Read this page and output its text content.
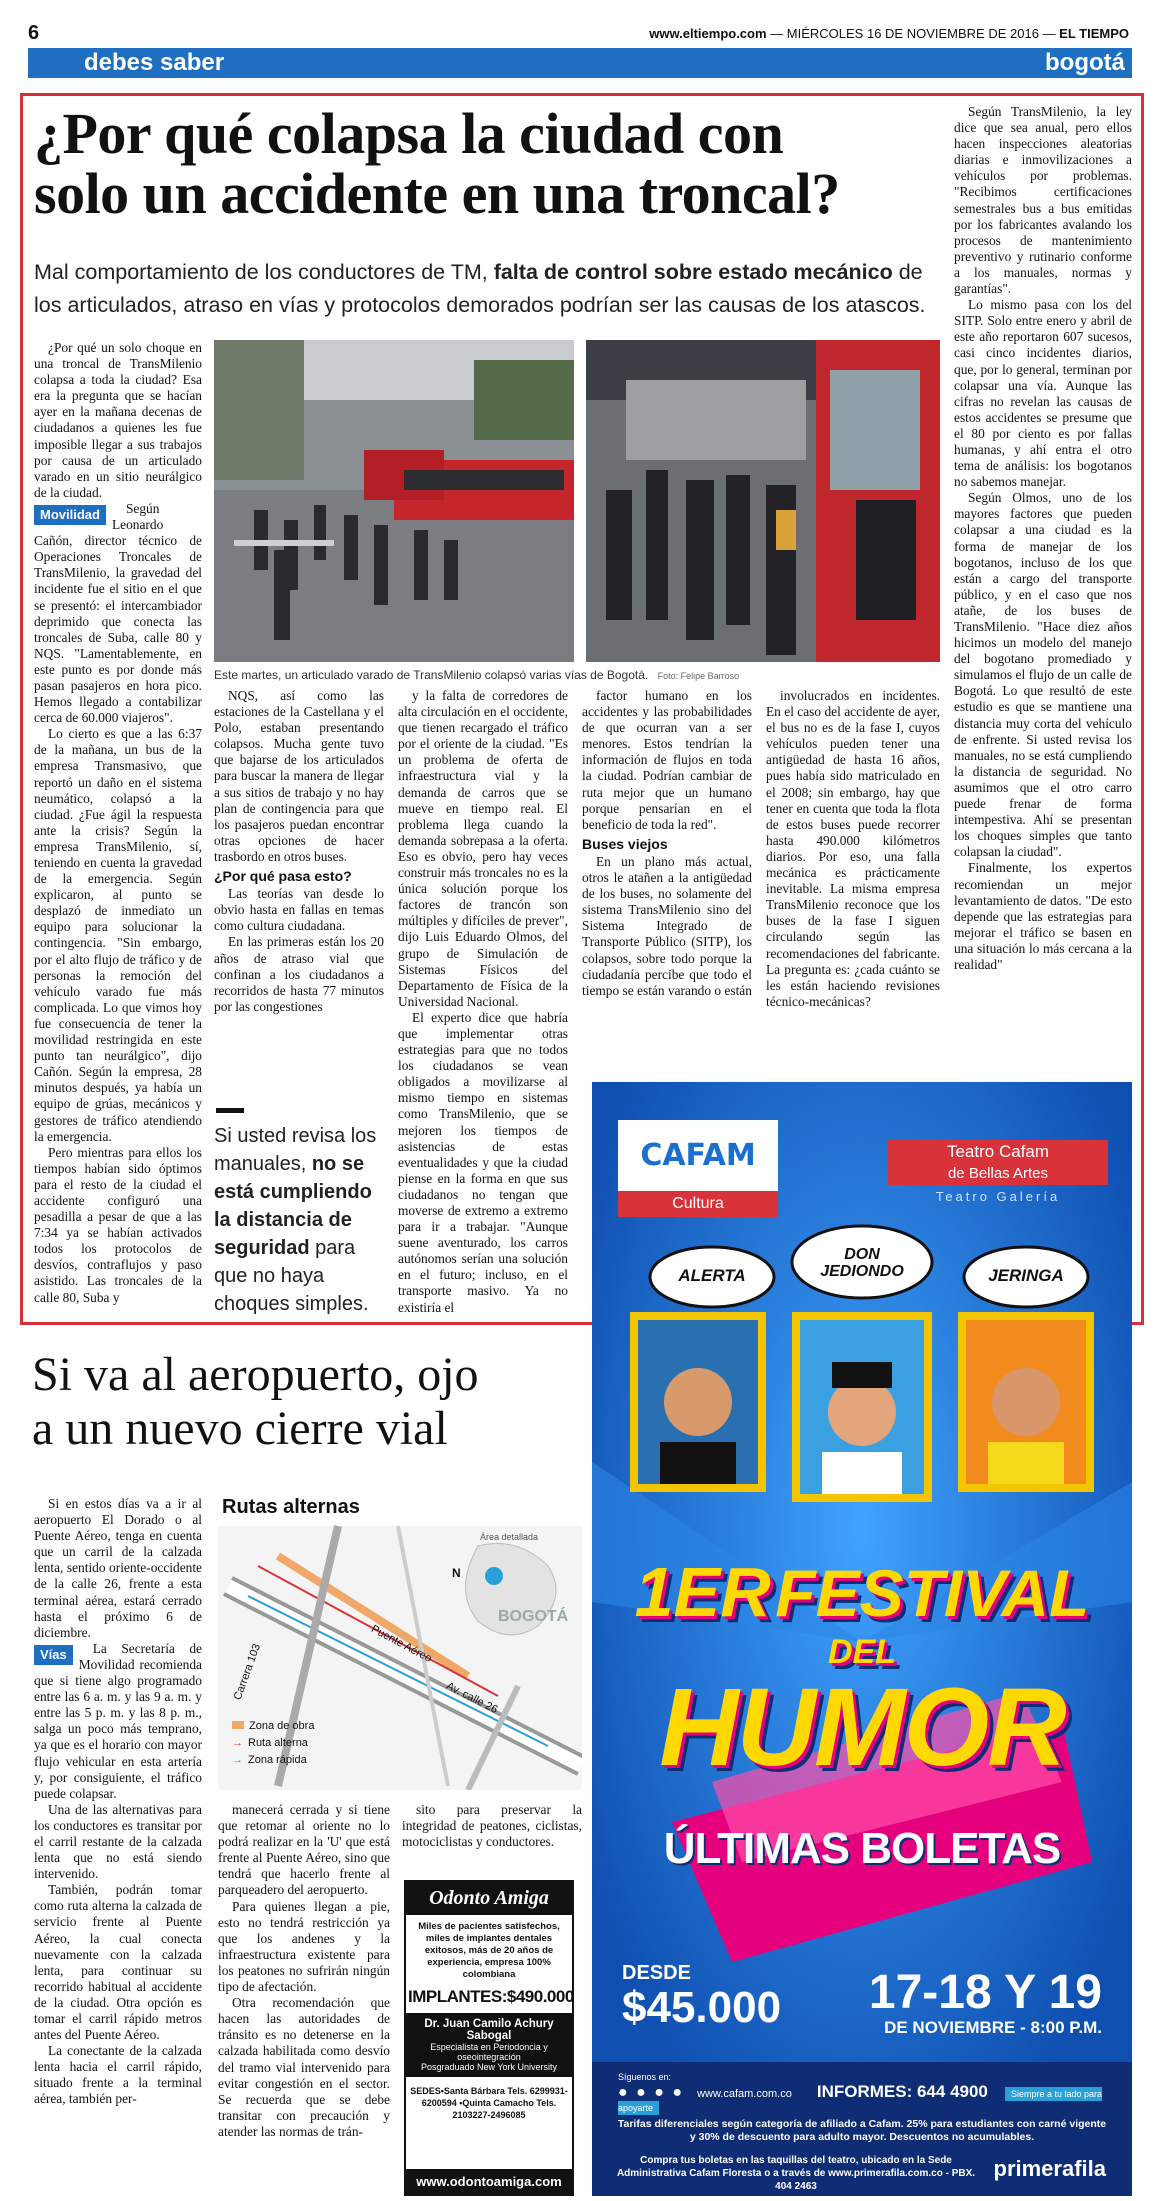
6	www.eltiempo.com — MIÉRCOLES 16 DE NOVIEMBRE DE 2016 — EL TIEMPO
debes saber	bogotá
¿Por qué colapsa la ciudad con
solo un accidente en una troncal?
Mal comportamiento de los conductores de TM, falta de control sobre estado mecánico de los articulados, atraso en vías y protocolos demorados podrían ser las causas de los atascos.
Este martes, un articulado varado de TransMilenio colapsó varias vías de Bogotá. Foto: Felipe Barroso

¿Por qué un solo choque en una troncal de TransMilenio colapsa a toda la ciudad? Esa era la pregunta que se hacían ayer en la mañana decenas de ciudadanos a quienes les fue imposible llegar a sus trabajos por causa de un articulado varado en un sitio neurálgico de la ciudad.

Movilidad	Según Leonardo Cañón, director técnico de Operaciones Troncales de TransMilenio, la gravedad del incidente fue el sitio en el que se presentó: el intercambiador deprimido que conecta las troncales de Suba, calle 80 y NQS. "Lamentablemente, en este punto es por donde más pasan pasajeros en hora pico. Hemos llegado a contabilizar cerca de 60.000 viajeros".

Lo cierto es que a las 6:37 de la mañana, un bus de la empresa Transmasivo, que reportó un daño en el sistema neumático, colapsó a la ciudad. ¿Fue ágil la respuesta ante la crisis? Según la empresa TransMilenio, sí, teniendo en cuenta la gravedad de la emergencia. Según explicaron, al punto se desplazó de inmediato un equipo para solucionar la contingencia. "Sin embargo, por el alto flujo de tráfico y de personas la remoción del vehículo varado fue más complicada. Lo que vimos hoy fue consecuencia de tener la movilidad restringida en este punto tan neurálgico", dijo Cañón. Según la empresa, 28 minutos después, ya había un equipo de grúas, mecánicos y gestores de tráfico atendiendo la emergencia.

Pero mientras para ellos los tiempos habían sido óptimos para el resto de la ciudad el accidente configuró una pesadilla a pesar de que a las 7:34 ya se habían activados todos los protocolos de desvíos, contraflujos y paso asistido. Las troncales de la calle 80, Suba y

NQS, así como las estaciones de la Castellana y el Polo, estaban presentando colapsos. Mucha gente tuvo que bajarse de los articulados para buscar la manera de llegar a sus sitios de trabajo y no hay plan de contingencia para que los pasajeros puedan encontrar otras opciones de hacer trasbordo en otros buses.

¿Por qué pasa esto?

Las teorías van desde lo obvio hasta en fallas en temas como cultura ciudadana.

En las primeras están los 20 años de atraso vial que confinan a los ciudadanos a recorridos de hasta 77 minutos por las congestiones

Si usted revisa los manuales, no se está cumpliendo la distancia de seguridad para que no haya choques simples.

y la falta de corredores de alta circulación en el occidente, que tienen recargado el tráfico por el oriente de la ciudad. "Es un problema de oferta de infraestructura vial y la demanda de carros que se mueve en tiempo real. El problema llega cuando la demanda sobrepasa a la oferta. Eso es obvio, pero hay veces construir más troncales no es la única solución porque los factores de trancón son múltiples y difíciles de prever", dijo Luis Eduardo Olmos, del grupo de Simulación de Sistemas Físicos del Departamento de Física de la Universidad Nacional.

El experto dice que habría que implementar otras estrategias para que no todos los ciudadanos se vean obligados a movilizarse al mismo tiempo en sistemas como TransMilenio, que se mejoren los tiempos de asistencias de estas eventualidades y que la ciudad piense en la forma en que sus ciudadanos no tengan que moverse de extremo a extremo para ir a trabajar. "Aunque suene aventurado, los carros autónomos serían una solución en el futuro; incluso, en el transporte masivo. Ya no existiría el

factor humano en los accidentes y las probabilidades de que ocurran van a ser menores. Estos tendrían la información de flujos en toda la ciudad. Podrían cambiar de ruta mejor que un humano porque pensarían en el beneficio de toda la red".

Buses viejos

En un plano más actual, otros le atañen a la antigüedad de los buses, no solamente del sistema TransMilenio sino del Sistema Integrado de Transporte Público (SITP), los colapsos, sobre todo porque la ciudadanía percibe que todo el tiempo se están varando o están

involucrados en incidentes. En el caso del accidente de ayer, el bus no es de la fase I, cuyos vehículos pueden tener una antigüedad de hasta 16 años, pues había sido matriculado en el 2008; sin embargo, hay que tener en cuenta que toda la flota de estos buses puede recorrer hasta 490.000 kilómetros diarios. Por eso, una falla mecánica es prácticamente inevitable. La misma empresa TransMilenio reconoce que los buses de la fase I siguen circulando según las recomendaciones del fabricante. La pregunta es: ¿cada cuánto se les están haciendo revisiones técnico-mecánicas?

Según TransMilenio, la ley dice que sea anual, pero ellos hacen inspecciones aleatorias diarias e inmovilizaciones a vehículos por problemas. "Recibimos certificaciones semestrales bus a bus emitidas por los fabricantes avalando los procesos de mantenimiento preventivo y rutinario conforme a los manuales, normas y garantías".

Lo mismo pasa con los del SITP. Solo entre enero y abril de este año reportaron 607 sucesos, casi cinco incidentes diarios, que, por lo general, terminan por colapsar una vía. Aunque las cifras no revelan las causas de estos accidentes se presume que el 80 por ciento es por fallas humanas, y ahí entra el otro tema de análisis: los bogotanos no sabemos manejar.

Según Olmos, uno de los mayores factores que pueden colapsar a una ciudad es la forma de manejar de los bogotanos, incluso de los que están a cargo del transporte público, y en el caso que nos atañe, de los buses de TransMilenio. "Hace diez años hicimos un modelo del manejo del bogotano promediado y simulamos el flujo de un calle de Bogotá. Lo que resultó de este estudio es que se mantiene una distancia muy corta del vehículo de enfrente. Si usted revisa los manuales, no se está cumpliendo la distancia de seguridad. No asumimos que el otro carro puede frenar de forma intempestiva. Ahí se presentan los choques simples que tanto colapsan la ciudad".

Finalmente, los expertos recomiendan un mejor levantamiento de datos. "De esto depende que las estrategias para mejorar el tráfico se basen en una situación lo más cercana a la realidad"

Si va al aeropuerto, ojo
a un nuevo cierre vial

Si en estos días va a ir al aeropuerto El Dorado o al Puente Aéreo, tenga en cuenta que un carril de la calzada lenta, sentido oriente-occidente de la calle 26, frente a esta terminal aérea, estará cerrado hasta el próximo 6 de diciembre.

Vías	La Secretaría de Movilidad recomienda que si tiene algo programado entre las 6 a. m. y las 9 a. m. y entre las 5 p. m. y las 8 p. m., salga un poco más temprano, ya que es el horario con mayor flujo vehicular en esta artería y, por consiguiente, el tráfico puede colapsar.

Una de las alternativas para los conductores es transitar por el carril restante de la calzada lenta que no está siendo intervenido.

También, podrán tomar como ruta alterna la calzada de servicio frente al Puente Aéreo, la cual conecta nuevamente con la calzada lenta, para continuar su recorrido habitual al accidente de la ciudad. Otra opción es tomar el carril rápido metros antes del Puente Aéreo.

La conectante de la calzada lenta hacia el carril rápido, situado frente a la terminal aérea, también per-

Rutas alternas
Área detallada
BOGOTÁ
N
Puente Aéreo
Carrera 103	Av. calle 26
Zona de obra
→ Ruta alterna
→ Zona rápida

manecerá cerrada y si tiene que retomar al oriente no lo podrá realizar en la 'U' que está frente al Puente Aéreo, sino que tendrá que hacerlo frente al parqueadero del aeropuerto.

Para quienes llegan a pie, esto no tendrá restricción ya que los andenes y la infraestructura existente para los peatones no sufrirán ningún tipo de afectación.

Otra recomendación que hacen las autoridades de tránsito es no detenerse en la calzada habilitada como desvío del tramo vial intervenido para evitar congestión en el sector. Se recuerda que se debe transitar con precaución y atender las normas de trán-

sito para preservar la integridad de peatones, ciclistas, motociclistas y conductores.

Odonto Amiga
Miles de pacientes satisfechos, miles de implantes dentales exitosos, más de 20 años de experiencia, empresa 100% colombiana
IMPLANTES:$490.000
Dr. Juan Camilo Achury Sabogal
Especialista en Periodoncia y oseointegración
Posgraduado New York University
SEDES•Santa Bárbara Tels. 6299931-6200594 •Quinta Camacho Tels. 2103227-2496085
www.odontoamiga.com
CAFAM
Cultura
Teatro Cafam
de Bellas Artes
Teatro Galería
ALERTA
DON JEDIONDO	JERINGA

1ER FESTIVAL DEL
HUMOR
ÚLTIMAS BOLETAS
DESDE
$45.000 17-18 Y 19
DE NOVIEMBRE - 8:00 P.M.
Síguenos en:
● ● ● ● www.cafam.com.co INFORMES: 644 4900	Siempre a tu lado para apoyarte
Tarifas diferenciales según categoría de afiliado a Cafam. 25% para estudiantes con carné vigente y 30% de descuento para adulto mayor. Descuentos no acumulables.
Compra tus boletas en las taquillas del teatro, ubicado en la Sede Administrativa Cafam Floresta o a través de www.primerafila.com.co - PBX. 404 2463
primerafila
